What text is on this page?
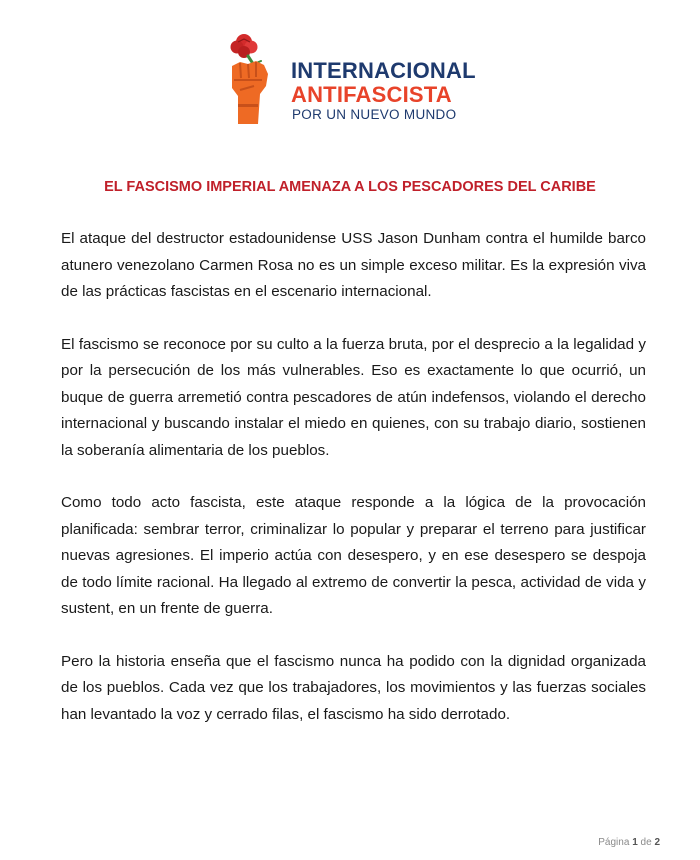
INTERNACIONAL
ANTIFASCISTA
POR UN NUEVO MUNDO
EL FASCISMO IMPERIAL AMENAZA A LOS PESCADORES DEL CARIBE

El ataque del destructor estadounidense USS Jason Dunham contra el humilde barco atunero venezolano Carmen Rosa no es un simple exceso militar. Es la expresión viva de las prácticas fascistas en el escenario internacional.

El fascismo se reconoce por su culto a la fuerza bruta, por el desprecio a la legalidad y por la persecución de los más vulnerables. Eso es exactamente lo que ocurrió, un buque de guerra arremetió contra pescadores de atún indefensos, violando el derecho internacional y buscando instalar el miedo en quienes, con su trabajo diario, sostienen la soberanía alimentaria de los pueblos.

Como todo acto fascista, este ataque responde a la lógica de la provocación planificada: sembrar terror, criminalizar lo popular y preparar el terreno para justificar nuevas agresiones. El imperio actúa con desespero, y en ese desespero se despoja de todo límite racional. Ha llegado al extremo de convertir la pesca, actividad de vida y sustent, en un frente de guerra.

Pero la historia enseña que el fascismo nunca ha podido con la dignidad organizada de los pueblos. Cada vez que los trabajadores, los movimientos y las fuerzas sociales han levantado la voz y cerrado filas, el fascismo ha sido derrotado.

Página 1 de 2
